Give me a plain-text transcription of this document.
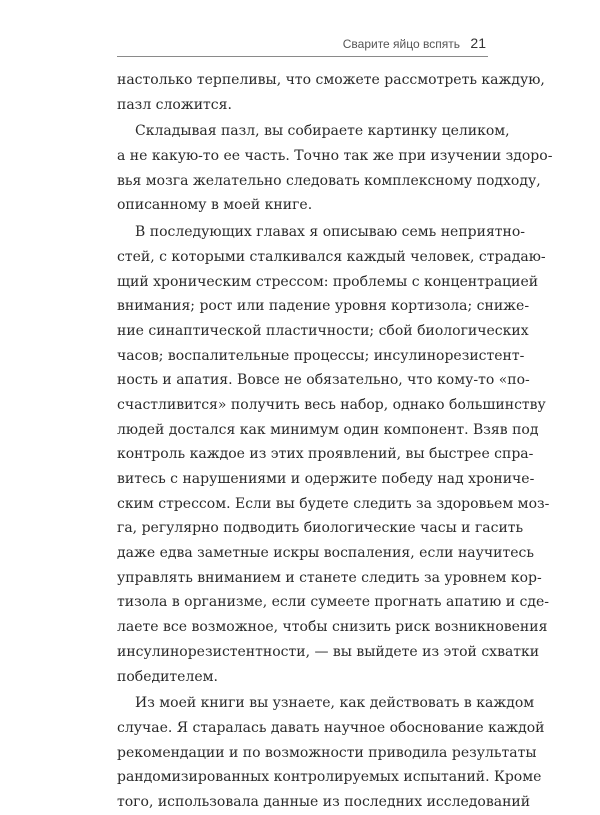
Сварите яйцо вспять 21
настолько терпеливы, что сможете рассмотреть каждую,
пазл сложится.
Складывая пазл, вы собираете картинку целиком,
а не какую-то ее часть. Точно так же при изучении здоро-
вья мозга желательно следовать комплексному подходу,
описанному в моей книге.
В последующих главах я описываю семь неприятно-
стей, с которыми сталкивался каждый человек, страдаю-
щий хроническим стрессом: проблемы с концентрацией
внимания; рост или падение уровня кортизола; сниже-
ние синаптической пластичности; сбой биологических
часов; воспалительные процессы; инсулинорезистент-
ность и апатия. Вовсе не обязательно, что кому-то «по-
счастливится» получить весь набор, однако большинству
людей достался как минимум один компонент. Взяв под
контроль каждое из этих проявлений, вы быстрее спра-
витесь с нарушениями и одержите победу над хрониче-
ским стрессом. Если вы будете следить за здоровьем моз-
га, регулярно подводить биологические часы и гасить
даже едва заметные искры воспаления, если научитесь
управлять вниманием и станете следить за уровнем кор-
тизола в организме, если сумеете прогнать апатию и сде-
лаете все возможное, чтобы снизить риск возникновения
инсулинорезистентности, — вы выйдете из этой схватки
победителем.
Из моей книги вы узнаете, как действовать в каждом
случае. Я старалась давать научное обоснование каждой
рекомендации и по возможности приводила результаты
рандомизированных контролируемых испытаний. Кроме
того, использовала данные из последних исследований
